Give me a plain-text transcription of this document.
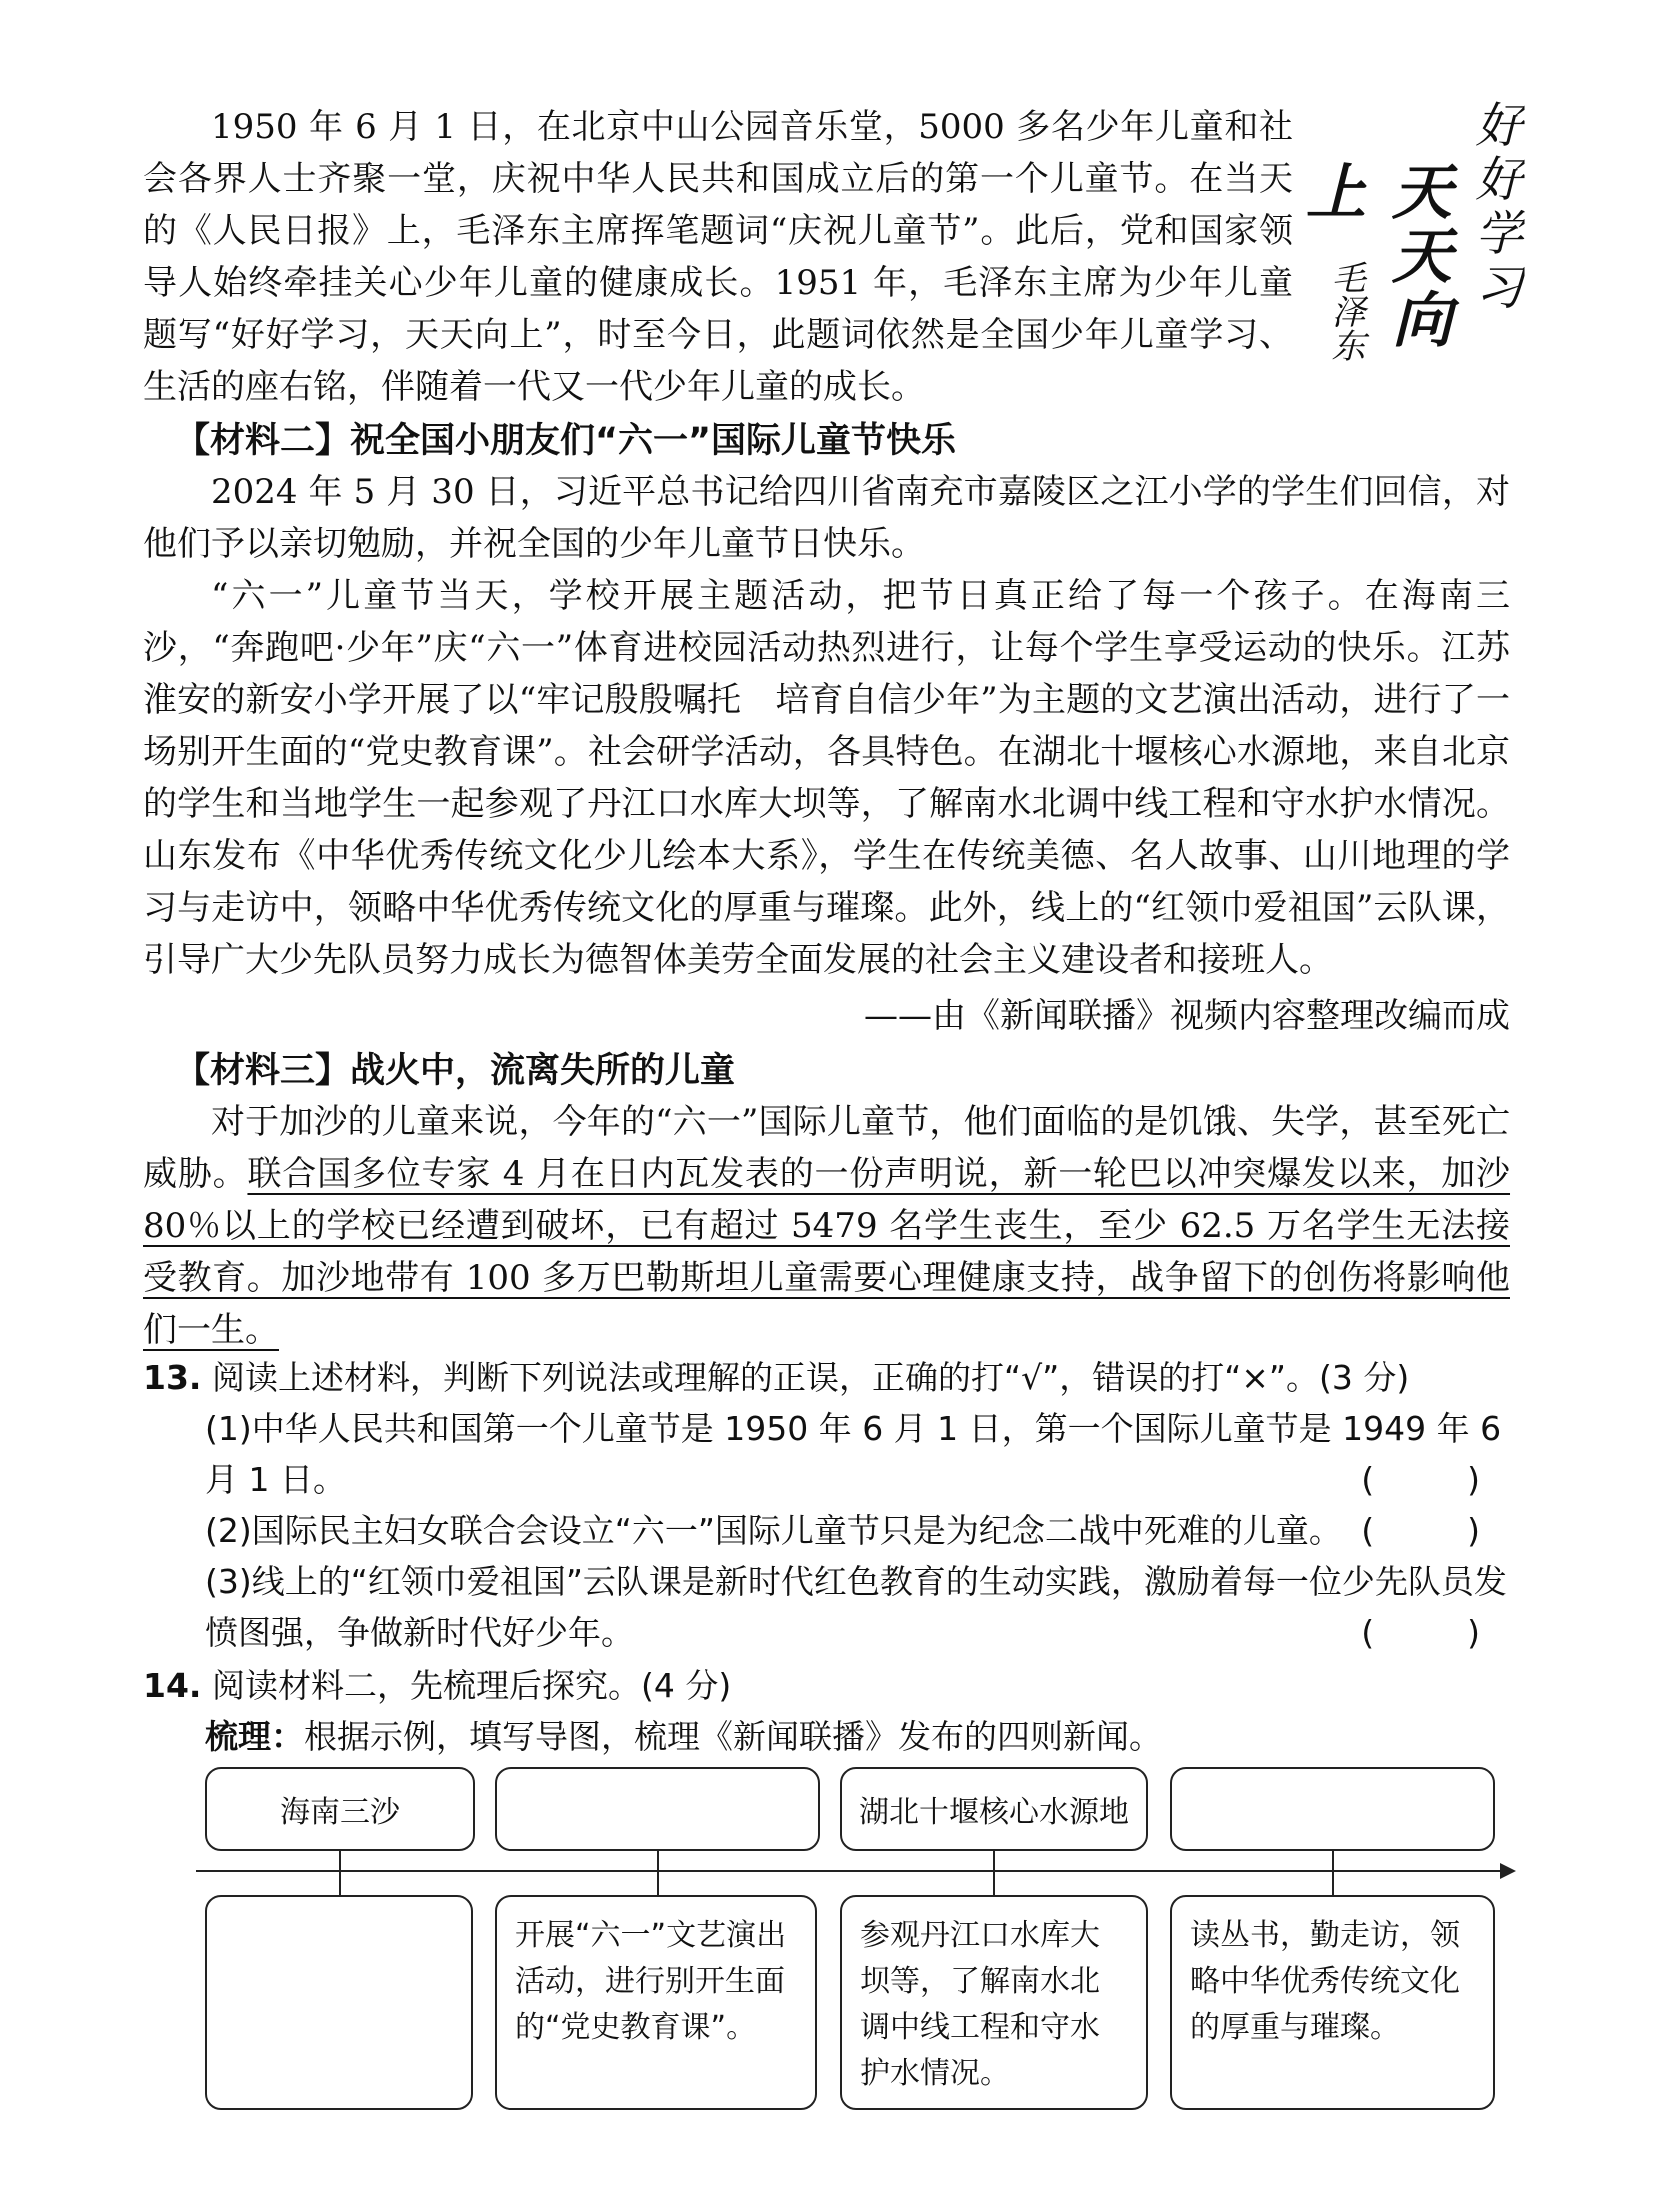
1950 年 6 月 1 日，在北京中山公园音乐堂，5000 多名少年儿童和社会各界人士齐聚一堂，庆祝中华人民共和国成立后的第一个儿童节。在当天的《人民日报》上，毛泽东主席挥笔题词“庆祝儿童节”。此后，党和国家领导人始终牵挂关心少年儿童的健康成长。1951 年，毛泽东主席为少年儿童题写“好好学习，天天向上”，时至今日，此题词依然是全国少年儿童学习、生活的座右铭，伴随着一代又一代少年儿童的成长。

好好学习
天天向上
毛泽东

【材料二】祝全国小朋友们“六一”国际儿童节快乐

2024 年 5 月 30 日，习近平总书记给四川省南充市嘉陵区之江小学的学生们回信，对他们予以亲切勉励，并祝全国的少年儿童节日快乐。

“六一”儿童节当天，学校开展主题活动，把节日真正给了每一个孩子。在海南三沙，“奔跑吧·少年”庆“六一”体育进校园活动热烈进行，让每个学生享受运动的快乐。江苏淮安的新安小学开展了以“牢记殷殷嘱托　培育自信少年”为主题的文艺演出活动，进行了一场别开生面的“党史教育课”。社会研学活动，各具特色。在湖北十堰核心水源地，来自北京的学生和当地学生一起参观了丹江口水库大坝等，了解南水北调中线工程和守水护水情况。山东发布《中华优秀传统文化少儿绘本大系》，学生在传统美德、名人故事、山川地理的学习与走访中，领略中华优秀传统文化的厚重与璀璨。此外，线上的“红领巾爱祖国”云队课，引导广大少先队员努力成长为德智体美劳全面发展的社会主义建设者和接班人。

——由《新闻联播》视频内容整理改编而成

【材料三】战火中，流离失所的儿童

对于加沙的儿童来说，今年的“六一”国际儿童节，他们面临的是饥饿、失学，甚至死亡威胁。联合国多位专家 4 月在日内瓦发表的一份声明说，新一轮巴以冲突爆发以来，加沙 80％以上的学校已经遭到破坏，已有超过 5479 名学生丧生，至少 62.5 万名学生无法接受教育。加沙地带有 100 多万巴勒斯坦儿童需要心理健康支持，战争留下的创伤将影响他们一生。

13. 阅读上述材料，判断下列说法或理解的正误，正确的打“√”，错误的打“×”。(3 分)
(1)中华人民共和国第一个儿童节是 1950 年 6 月 1 日，第一个国际儿童节是 1949 年 6 月 1 日。	(　)
(2)国际民主妇女联合会设立“六一”国际儿童节只是为纪念二战中死难的儿童。 (　)
(3)线上的“红领巾爱祖国”云队课是新时代红色教育的生动实践，激励着每一位少先队员发愤图强，争做新时代好少年。	(　)
14. 阅读材料二，先梳理后探究。(4 分)
梳理：根据示例，填写导图，梳理《新闻联播》发布的四则新闻。
海南三沙	湖北十堰核心水源地
开展“六一”文艺演出活动，进行别开生面的“党史教育课”。
参观丹江口水库大坝等，了解南水北调中线工程和守水护水情况。
读丛书，勤走访，领略中华优秀传统文化的厚重与璀璨。
